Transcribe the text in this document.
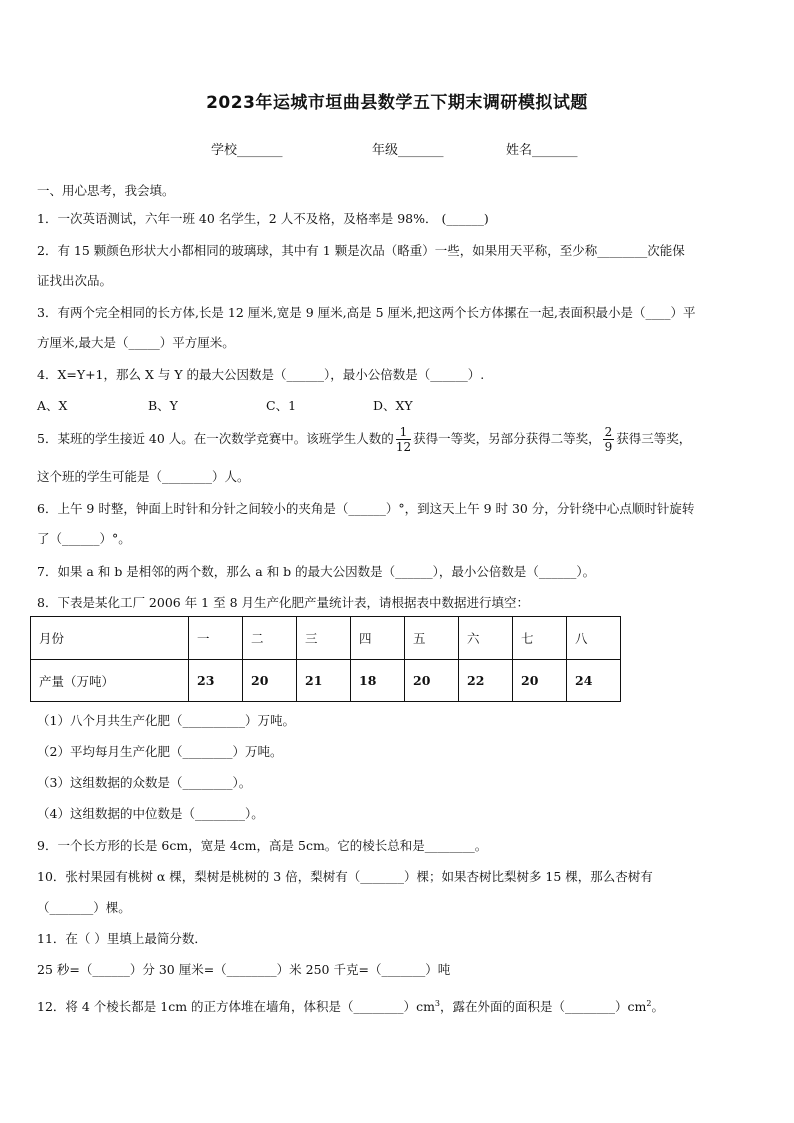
2023年运城市垣曲县数学五下期末调研模拟试题
学校_______	年级_______	姓名_______
一、用心思考，我会填。
1．一次英语测试，六年一班 40 名学生，2 人不及格，及格率是 98%． (______)
2．有 15 颗颜色形状大小都相同的玻璃球，其中有 1 颗是次品（略重）一些，如果用天平称，至少称________次能保
证找出次品。
3．有两个完全相同的长方体,长是 12 厘米,宽是 9 厘米,高是 5 厘米,把这两个长方体摞在一起,表面积最小是（____）平
方厘米,最大是（_____）平方厘米。
4．X=Y+1，那么 X 与 Y 的最大公因数是（______），最小公倍数是（______）.
A、X	B、Y	C、1	D、XY
5．某班的学生接近 40 人。在一次数学竞赛中。该班学生人数的 $\frac{1}{12}$ 获得一等奖，另部分获得二等奖， $\frac{2}{9}$ 获得三等奖，
这个班的学生可能是（________）人。
6．上午 9 时整，钟面上时针和分针之间较小的夹角是（______）°，到这天上午 9 时 30 分，分针绕中心点顺时针旋转
了（______）°。
7．如果 a 和 b 是相邻的两个数，那么 a 和 b 的最大公因数是（______），最小公倍数是（______）。
8．下表是某化工厂 2006 年 1 至 8 月生产化肥产量统计表，请根据表中数据进行填空：
月份	一	二	三	四	五	六	七	八
产量（万吨）	23	20	21	18	20	22	20	24
（1）八个月共生产化肥（__________）万吨。
（2）平均每月生产化肥（________）万吨。
（3）这组数据的众数是（________）。
（4）这组数据的中位数是（________）。
9．一个长方形的长是 6cm，宽是 4cm，高是 5cm。它的棱长总和是________。
10．张村果园有桃树 α 棵，梨树是桃树的 3 倍，梨树有（_______）棵；如果杏树比梨树多 15 棵，那么杏树有
（_______）棵。
11．在（ ）里填上最简分数．
25 秒=（______）分 30 厘米=（________）米 250 千克=（_______）吨
12．将 4 个棱长都是 1cm 的正方体堆在墙角，体积是$(\_\_\_\_\_\_\_\_)cm^3$，露在外面的面积是$(\_\_\_\_\_\_\_\_)cm^2$。
